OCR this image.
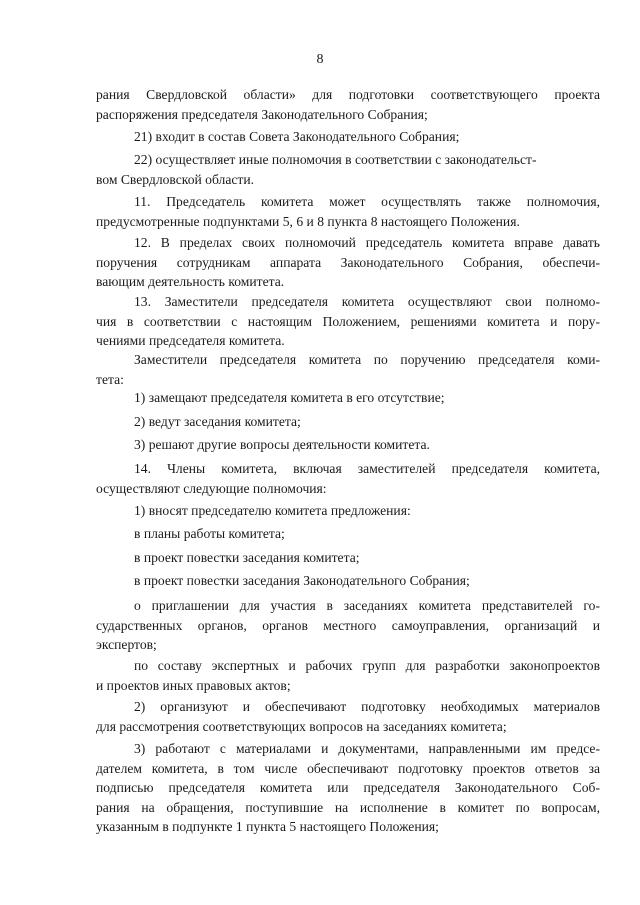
8
рания Свердловской области» для подготовки соответствующего проекта
распоряжения председателя Законодательного Собрания;
21) входит в состав Совета Законодательного Собрания;
22) осуществляет иные полномочия в соответствии с законодательст-
вом Свердловской области.
11. Председатель комитета может осуществлять также полномочия,
предусмотренные подпунктами 5, 6 и 8 пункта 8 настоящего Положения.
12. В пределах своих полномочий председатель комитета вправе давать
поручения сотрудникам аппарата Законодательного Собрания, обеспечи-
вающим деятельность комитета.
13. Заместители председателя комитета осуществляют свои полномо-
чия в соответствии с настоящим Положением, решениями комитета и пору-
чениями председателя комитета.
Заместители председателя комитета по поручению председателя коми-
тета:
1) замещают председателя комитета в его отсутствие;
2) ведут заседания комитета;
3) решают другие вопросы деятельности комитета.
14. Члены комитета, включая заместителей председателя комитета,
осуществляют следующие полномочия:
1) вносят председателю комитета предложения:
в планы работы комитета;
в проект повестки заседания комитета;
в проект повестки заседания Законодательного Собрания;
о приглашении для участия в заседаниях комитета представителей го-
сударственных органов, органов местного самоуправления, организаций и
экспертов;
по составу экспертных и рабочих групп для разработки законопроектов
и проектов иных правовых актов;
2) организуют и обеспечивают подготовку необходимых материалов
для рассмотрения соответствующих вопросов на заседаниях комитета;
3) работают с материалами и документами, направленными им предсе-
дателем комитета, в том числе обеспечивают подготовку проектов ответов за
подписью председателя комитета или председателя Законодательного Соб-
рания на обращения, поступившие на исполнение в комитет по вопросам,
указанным в подпункте 1 пункта 5 настоящего Положения;
